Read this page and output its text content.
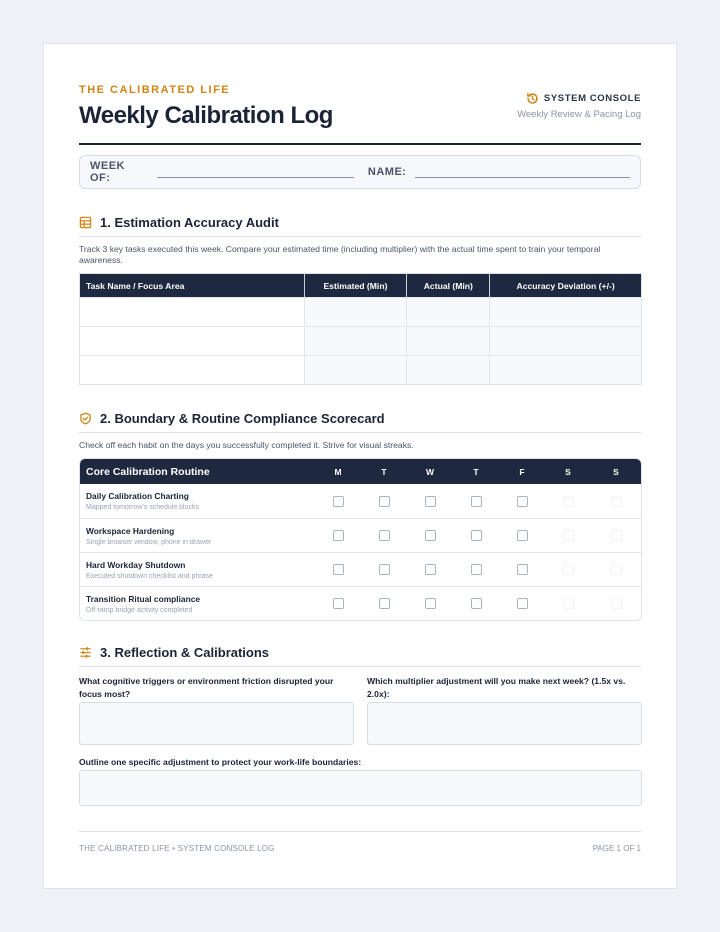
THE CALIBRATED LIFE
Weekly Calibration Log
SYSTEM CONSOLE
Weekly Review & Pacing Log
WEEK OF:	NAME:
1. Estimation Accuracy Audit
Track 3 key tasks executed this week. Compare your estimated time (including multiplier) with the actual time spent to train your temporal awareness.
Task Name / Focus Area	Estimated (Min)	Actual (Min)	Accuracy Deviation (+/-)

2. Boundary & Routine Compliance Scorecard
Check off each habit on the days you successfully completed it. Strive for visual streaks.
Core Calibration Routine	M	T	W	T	F	S	S
Daily Calibration Charting
Mapped tomorrow's schedule blocks
Workspace Hardening
Single browser window, phone in drawer
Hard Workday Shutdown
Executed shutdown checklist and phrase
Transition Ritual compliance
Off-ramp bridge activity completed
3. Reflection & Calibrations
What cognitive triggers or environment friction disrupted your focus most?
Which multiplier adjustment will you make next week? (1.5x vs. 2.0x):
Outline one specific adjustment to protect your work-life boundaries:
THE CALIBRATED LIFE • SYSTEM CONSOLE LOG	PAGE 1 OF 1
